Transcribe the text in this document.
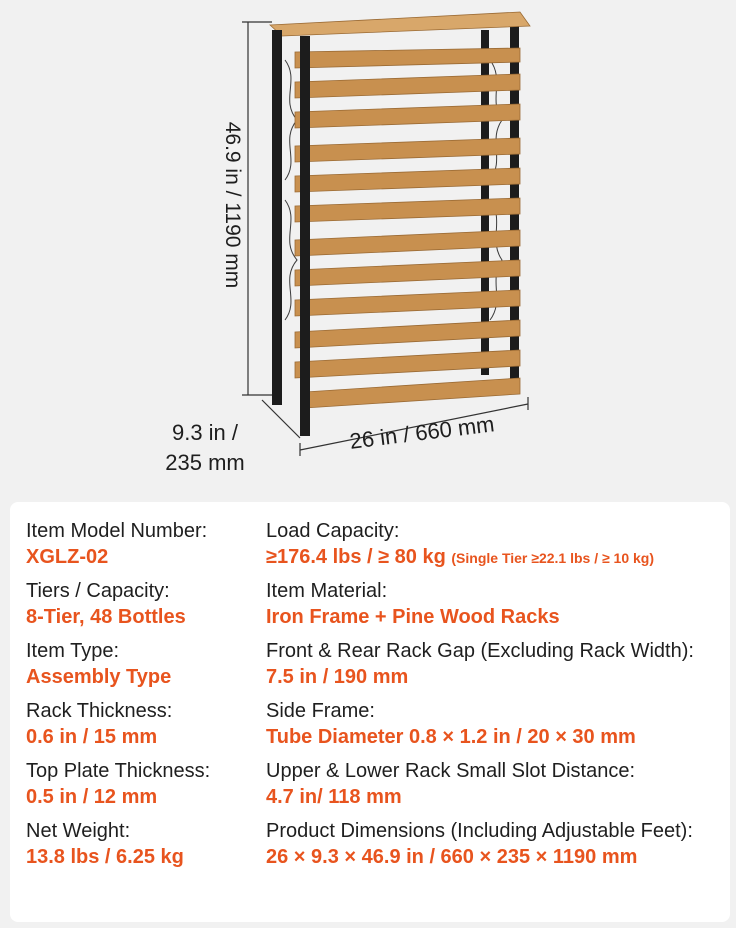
46.9 in / 1190 mm
9.3 in /
235 mm
26 in / 660 mm
Item Model Number:
XGLZ-02
Tiers / Capacity:
8-Tier, 48 Bottles
Item Type:
Assembly Type
Rack Thickness:
0.6 in / 15 mm
Top Plate Thickness:
0.5 in / 12 mm
Net Weight:
13.8 lbs / 6.25 kg
Load Capacity:
≥176.4 lbs / ≥ 80 kg (Single Tier ≥22.1 lbs / ≥ 10 kg)
Item Material:
Iron Frame + Pine Wood Racks
Front & Rear Rack Gap (Excluding Rack Width):
7.5 in / 190 mm
Side Frame:
Tube Diameter 0.8 × 1.2 in / 20 × 30 mm
Upper & Lower Rack Small Slot Distance:
4.7 in/ 118 mm
Product Dimensions (Including Adjustable Feet):
26 × 9.3 × 46.9 in / 660 × 235 × 1190 mm
